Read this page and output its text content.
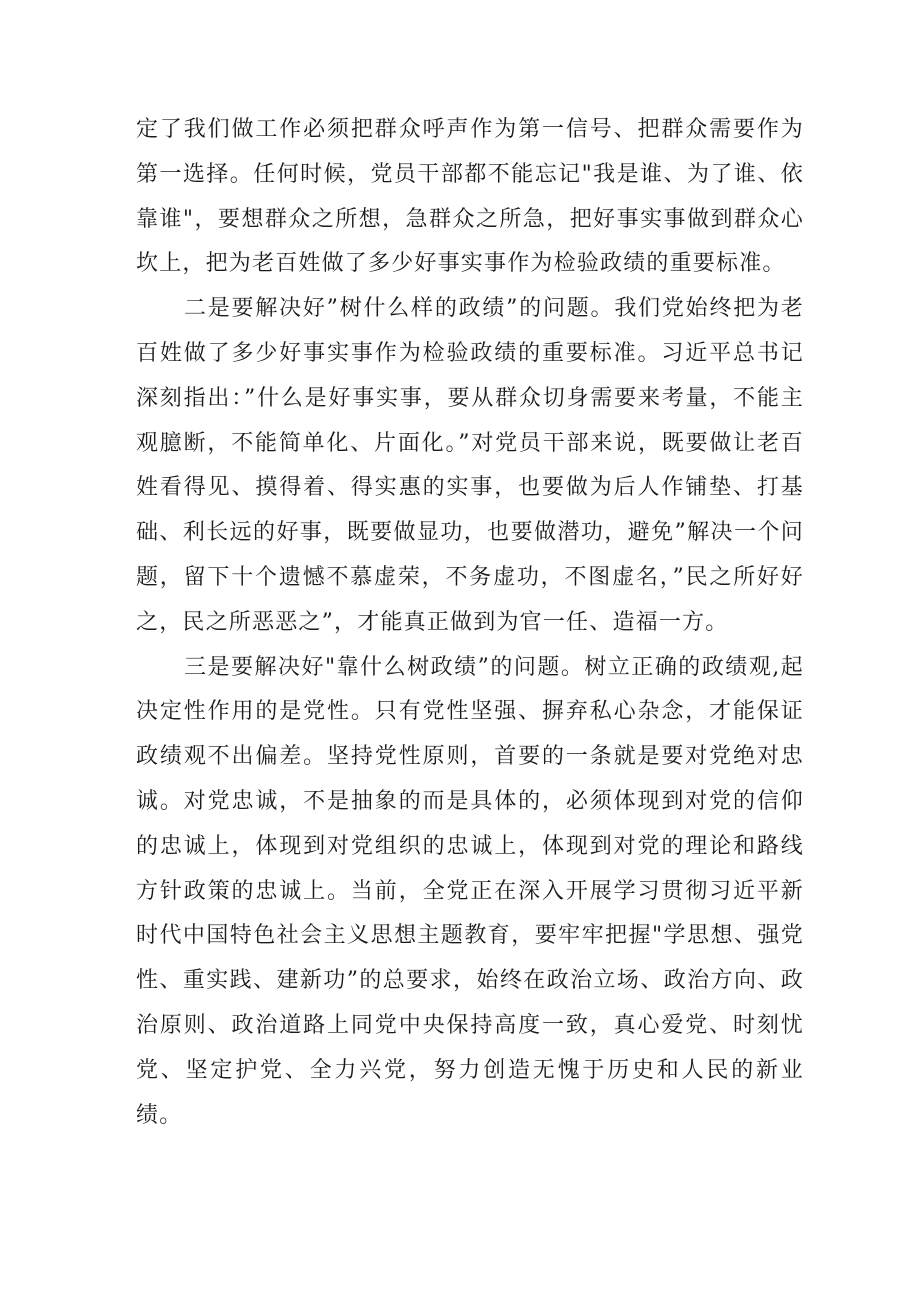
定了我们做工作必须把群众呼声作为第一信号、把群众需要作为第一选择。任何时候，党员干部都不能忘记"我是谁、为了谁、依靠谁"，要想群众之所想，急群众之所急，把好事实事做到群众心坎上，把为老百姓做了多少好事实事作为检验政绩的重要标准。

二是要解决好”树什么样的政绩”的问题。我们党始终把为老百姓做了多少好事实事作为检验政绩的重要标准。习近平总书记深刻指出：”什么是好事实事，要从群众切身需要来考量，不能主观臆断，不能简单化、片面化。”对党员干部来说，既要做让老百姓看得见、摸得着、得实惠的实事，也要做为后人作铺垫、打基础、利长远的好事，既要做显功，也要做潜功，避免”解决一个问题，留下十个遗憾不慕虚荣，不务虚功，不图虚名，”民之所好好之，民之所恶恶之”，才能真正做到为官一任、造福一方。

三是要解决好"靠什么树政绩”的问题。树立正确的政绩观,起决定性作用的是党性。只有党性坚强、摒弃私心杂念，才能保证政绩观不出偏差。坚持党性原则，首要的一条就是要对党绝对忠诚。对党忠诚，不是抽象的而是具体的，必须体现到对党的信仰的忠诚上，体现到对党组织的忠诚上，体现到对党的理论和路线方针政策的忠诚上。当前，全党正在深入开展学习贯彻习近平新时代中国特色社会主义思想主题教育，要牢牢把握"学思想、强党性、重实践、建新功”的总要求，始终在政治立场、政治方向、政治原则、政治道路上同党中央保持高度一致，真心爱党、时刻忧党、坚定护党、全力兴党，努力创造无愧于历史和人民的新业绩。
